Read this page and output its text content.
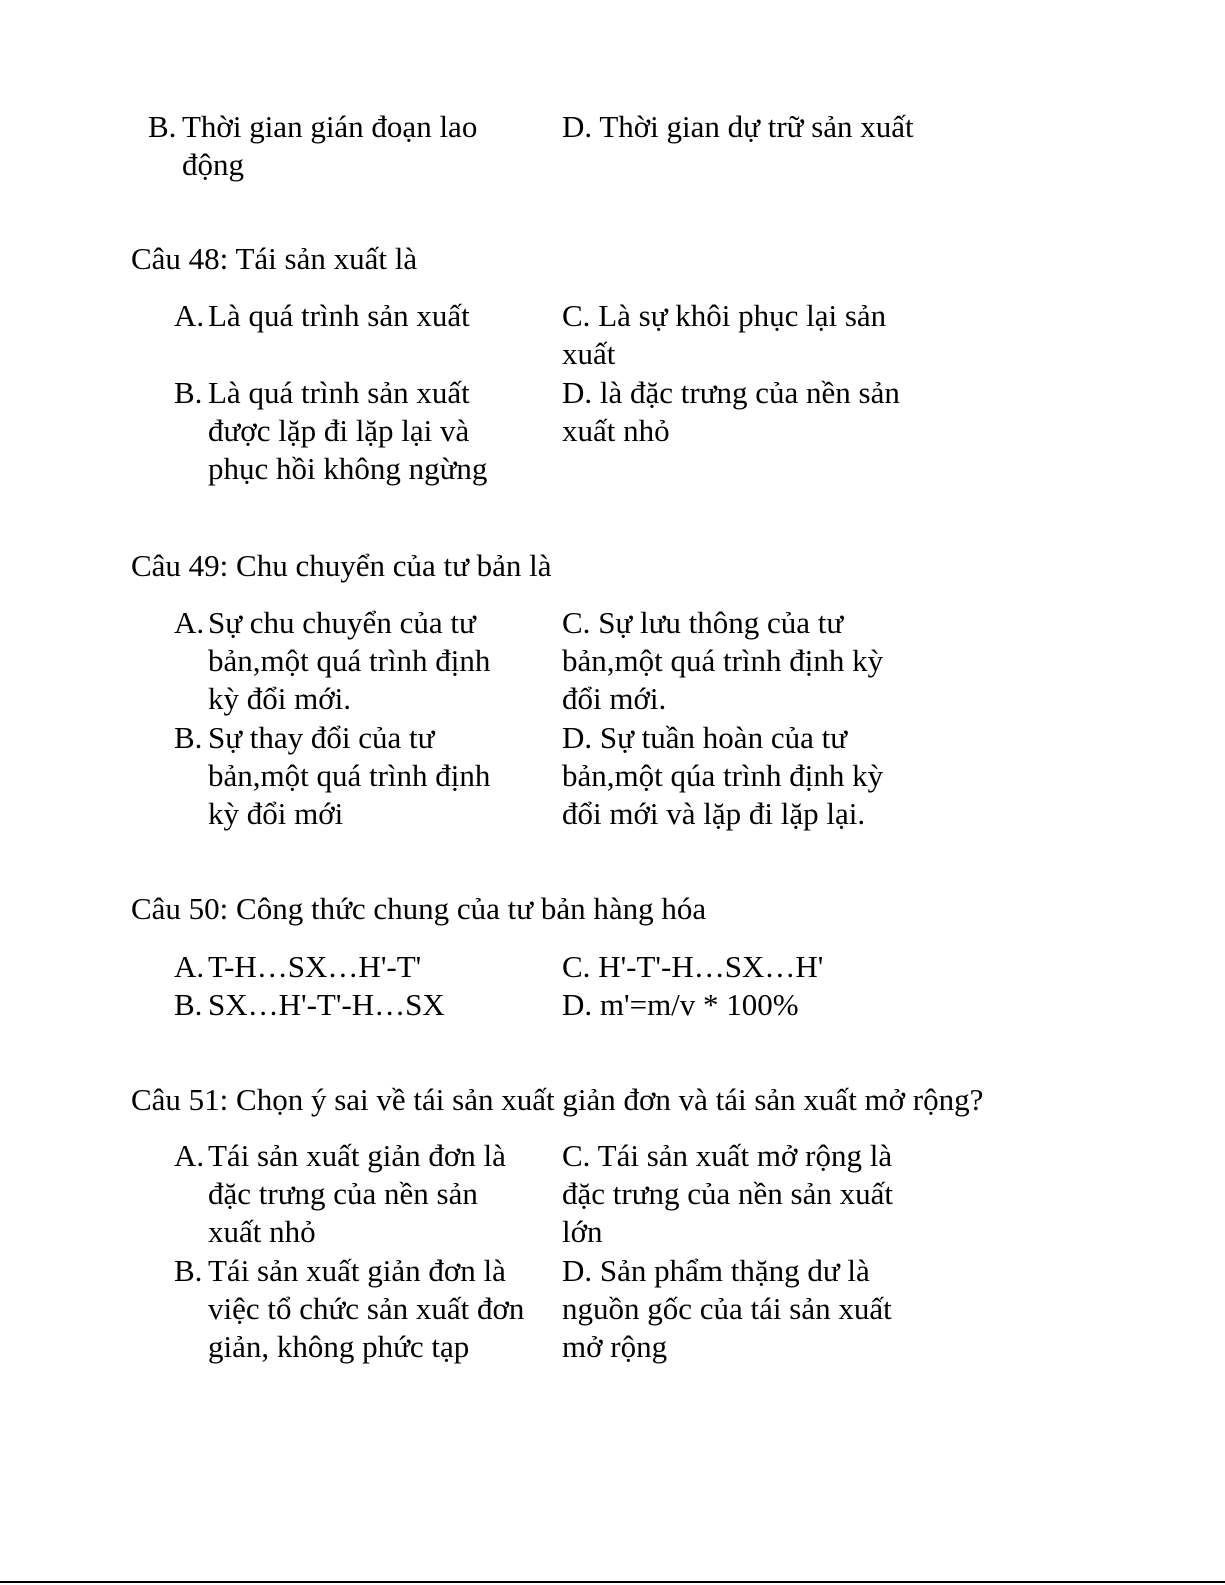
B. Thời gian gián đoạn lao động
D. Thời gian dự trữ sản xuất
Câu 48: Tái sản xuất là
A. Là quá trình sản xuất
B. Là quá trình sản xuất được lặp đi lặp lại và phục hồi không ngừng
C. Là sự khôi phục lại sản xuất
D. là đặc trưng của nền sản xuất nhỏ
Câu 49: Chu chuyển của tư bản là
A. Sự chu chuyển của tư bản,một quá trình định kỳ đổi mới.
B. Sự thay đổi của tư bản,một quá trình định kỳ đổi mới
C. Sự lưu thông của tư bản,một quá trình định kỳ đổi mới.
D. Sự tuần hoàn của tư bản,một qúa trình định kỳ đổi mới và lặp đi lặp lại.
Câu 50: Công thức chung của tư bản hàng hóa
A. T-H…SX…H'-T'
B. SX…H'-T'-H…SX
C. H'-T'-H…SX…H'
D. m'=m/v * 100%
Câu 51: Chọn ý sai về tái sản xuất giản đơn và tái sản xuất mở rộng?
A. Tái sản xuất giản đơn là đặc trưng của nền sản xuất nhỏ
B. Tái sản xuất giản đơn là việc tổ chức sản xuất đơn giản, không phức tạp
C. Tái sản xuất mở rộng là đặc trưng của nền sản xuất lớn
D. Sản phẩm thặng dư là nguồn gốc của tái sản xuất mở rộng
